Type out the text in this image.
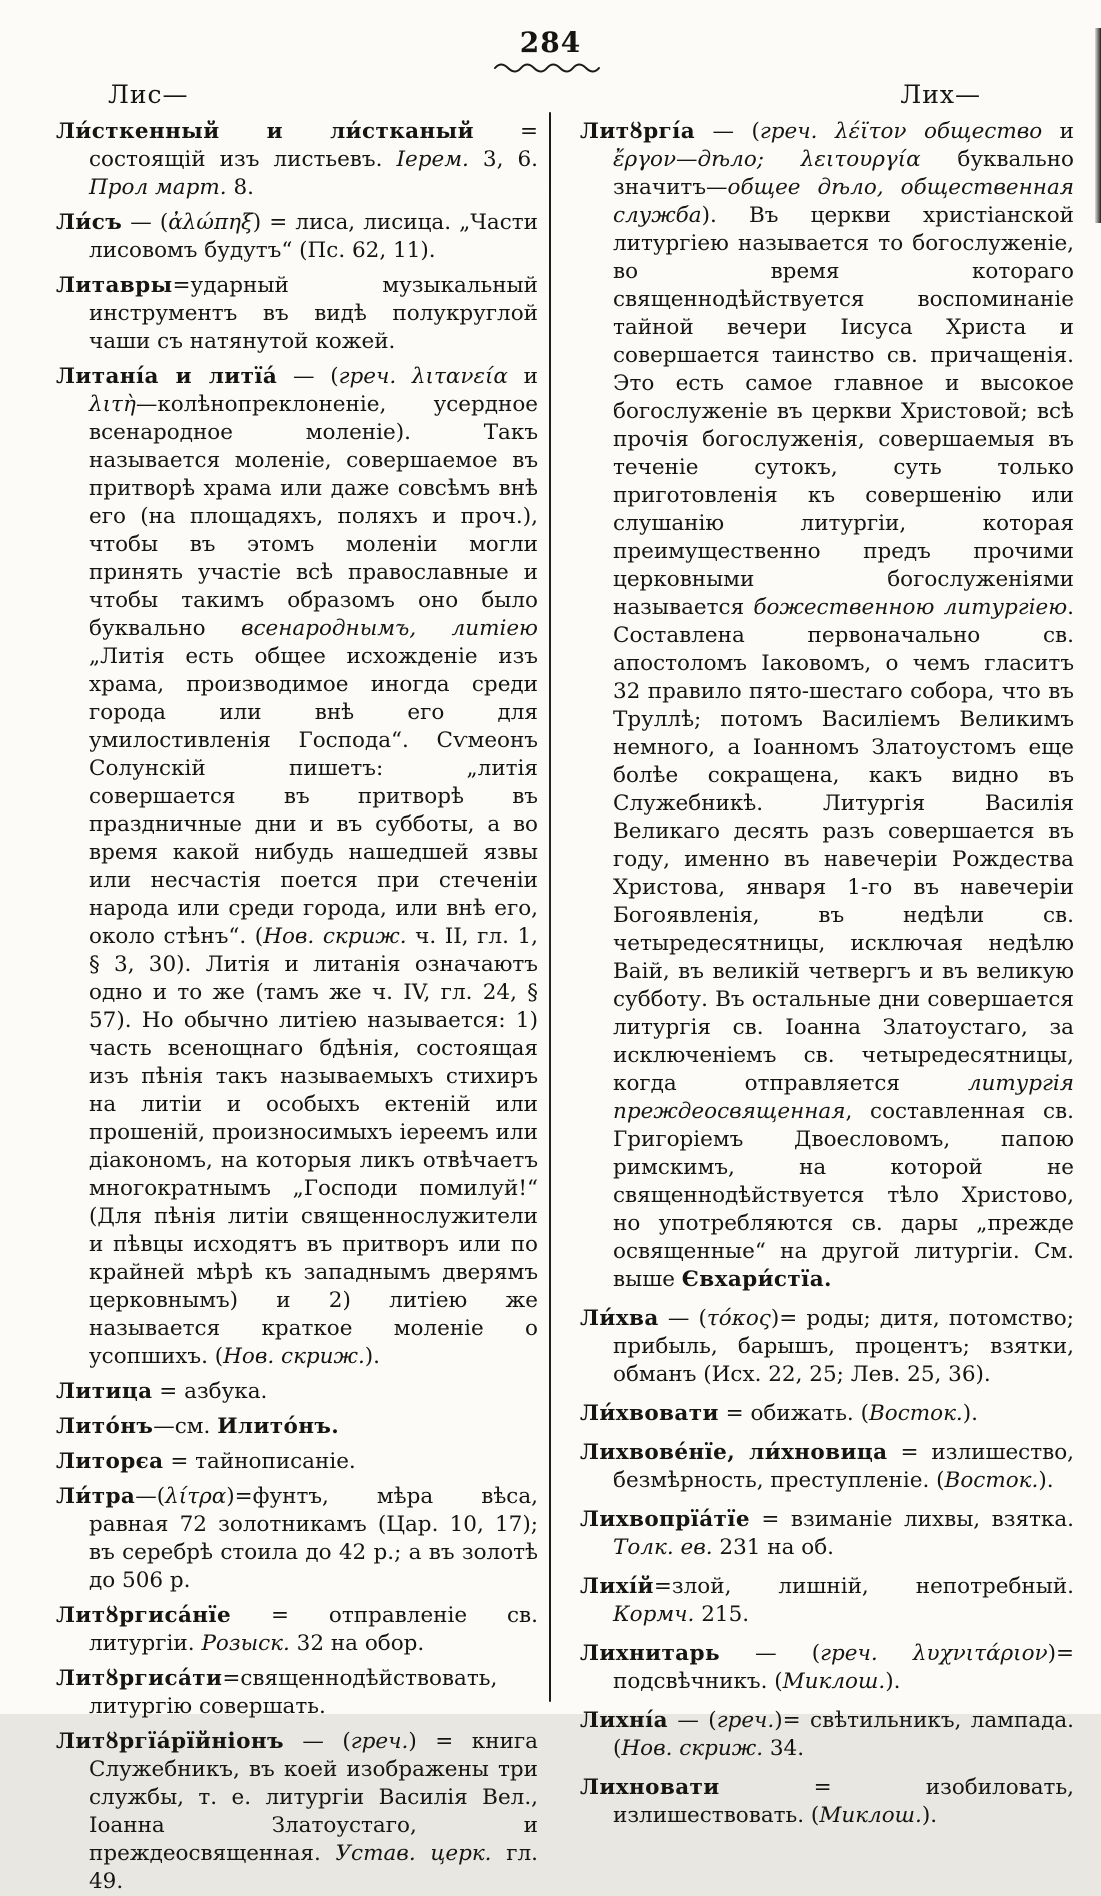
284
Лис—	Лих—
Ли́сткенный и ли́стканый = состоящій изъ листьевъ. Іерем. 3, 6. Прол март. 8.
Ли́съ — (ἀλώπηξ) = лиса, лисица. „Части лисовомъ будутъ“ (Пс. 62, 11).
Литавры=ударный музыкальный инструментъ въ видѣ полукруглой чаши съ натянутой кожей.
Литані́а и литїа́ — (греч. λιτανεία и λιτὴ—колѣнопреклоненіе, усердное всенародное моленіе). Такъ называется моленіе, совершаемое въ притворѣ храма или даже совсѣмъ внѣ его (на площадяхъ, поляхъ и проч.), чтобы въ этомъ моленіи могли принять участіе всѣ православные и чтобы такимъ образомъ оно было буквально всенароднымъ, литіею „Литія есть общее исхожденіе изъ храма, производимое иногда среди города или внѣ его для умилостивленія Господа“. Сѵмеонъ Солунскій пишетъ: „литія совершается въ притворѣ въ праздничные дни и въ субботы, а во время какой нибудь нашедшей язвы или несчастія поется при стеченіи народа или среди города, или внѣ его, около стѣнъ“. (Нов. скриж. ч. II, гл. 1, § 3, 30). Литія и литанія означаютъ одно и то же (тамъ же ч. IV, гл. 24, § 57). Но обычно литіею называется: 1) часть всенощнаго бдѣнія, состоящая изъ пѣнія такъ называемыхъ стихиръ на литіи и особыхъ ектеній или прошеній, произносимыхъ іереемъ или діакономъ, на которыя ликъ отвѣчаетъ многократнымъ „Господи помилуй!“ (Для пѣнія литіи священнослужители и пѣвцы исходятъ въ притворъ или по крайней мѣрѣ къ западнымъ дверямъ церковнымъ) и 2) литіею же называется краткое моленіе о усопшихъ. (Нов. скриж.).
Литица = азбука.
Лито́нъ—см. Илито́нъ.
Литорєа = тайнописаніе.
Ли́тра—(λίτρα)=фунтъ, мѣра вѣса, равная 72 золотникамъ (Цар. 10, 17); въ серебрѣ стоила до 42 р.; а въ золотѣ до 506 р.
Литȣргиса́нїе = отправленіе св. литургіи. Розыск. 32 на обор.
Литȣргиса́ти=священнодѣйствовать, литургію совершать.
Литȣргїа́рїйніонъ — (греч.) = книга Служебникъ, въ коей изображены три службы, т. е. литургіи Василія Вел., Іоанна Златоустаго, и преждеосвященная. Устав. церк. гл. 49.
Литȣргі́а — (греч. λέϊτον общество и ἔργον—дѣло; λειτουργία буквально значитъ—общее дѣло, общественная служба). Въ церкви христіанской литургіею называется то богослуженіе, во время котораго священнодѣйствуется воспоминаніе тайной вечери Іисуса Христа и совершается таинство св. причащенія. Это есть самое главное и высокое богослуженіе въ церкви Христовой; всѣ прочія богослуженія, совершаемыя въ теченіе сутокъ, суть только приготовленія къ совершенію или слушанію литургіи, которая преимущественно предъ прочими церковными богослуженіями называется божественною литургіею. Составлена первоначально св. апостоломъ Іаковомъ, о чемъ гласитъ 32 правило пято-шестаго собора, что въ Труллѣ; потомъ Василіемъ Великимъ немного, а Іоанномъ Златоустомъ еще болѣе сокращена, какъ видно въ Служебникѣ. Литургія Василія Великаго десять разъ совершается въ году, именно въ навечеріи Рождества Христова, января 1-го въ навечеріи Богоявленія, въ недѣли св. четыредесятницы, исключая недѣлю Ваій, въ великій четвергъ и въ великую субботу. Въ остальные дни совершается литургія св. Іоанна Златоустаго, за исключеніемъ св. четыредесятницы, когда отправляется литургія преждеосвященная, составленная св. Григоріемъ Двоесловомъ, папою римскимъ, на которой не священнодѣйствуется тѣло Христово, но употребляются св. дары „прежде освященные“ на другой литургіи. См. выше Євхари́стїа.
Ли́хва — (τόκος)= роды; дитя, потомство; прибыль, барышъ, процентъ; взятки, обманъ (Исх. 22, 25; Лев. 25, 36).
Ли́хвовати = обижать. (Восток.).
Лихвове́нїе, ли́хновица = излишество, безмѣрность, преступленіе. (Восток.).
Лихвопрїа́тїе = взиманіе лихвы, взятка. Толк. ев. 231 на об.
Лихі́й=злой, лишній, непотребный. Кормч. 215.
Лихнитарь — (греч. λυχνιτάριον)= подсвѣчникъ. (Миклош.).
Лихні́а — (греч.)= свѣтильникъ, лампада. (Нов. скриж. 34.
Лихновати = изобиловать, излишествовать. (Миклош.).
